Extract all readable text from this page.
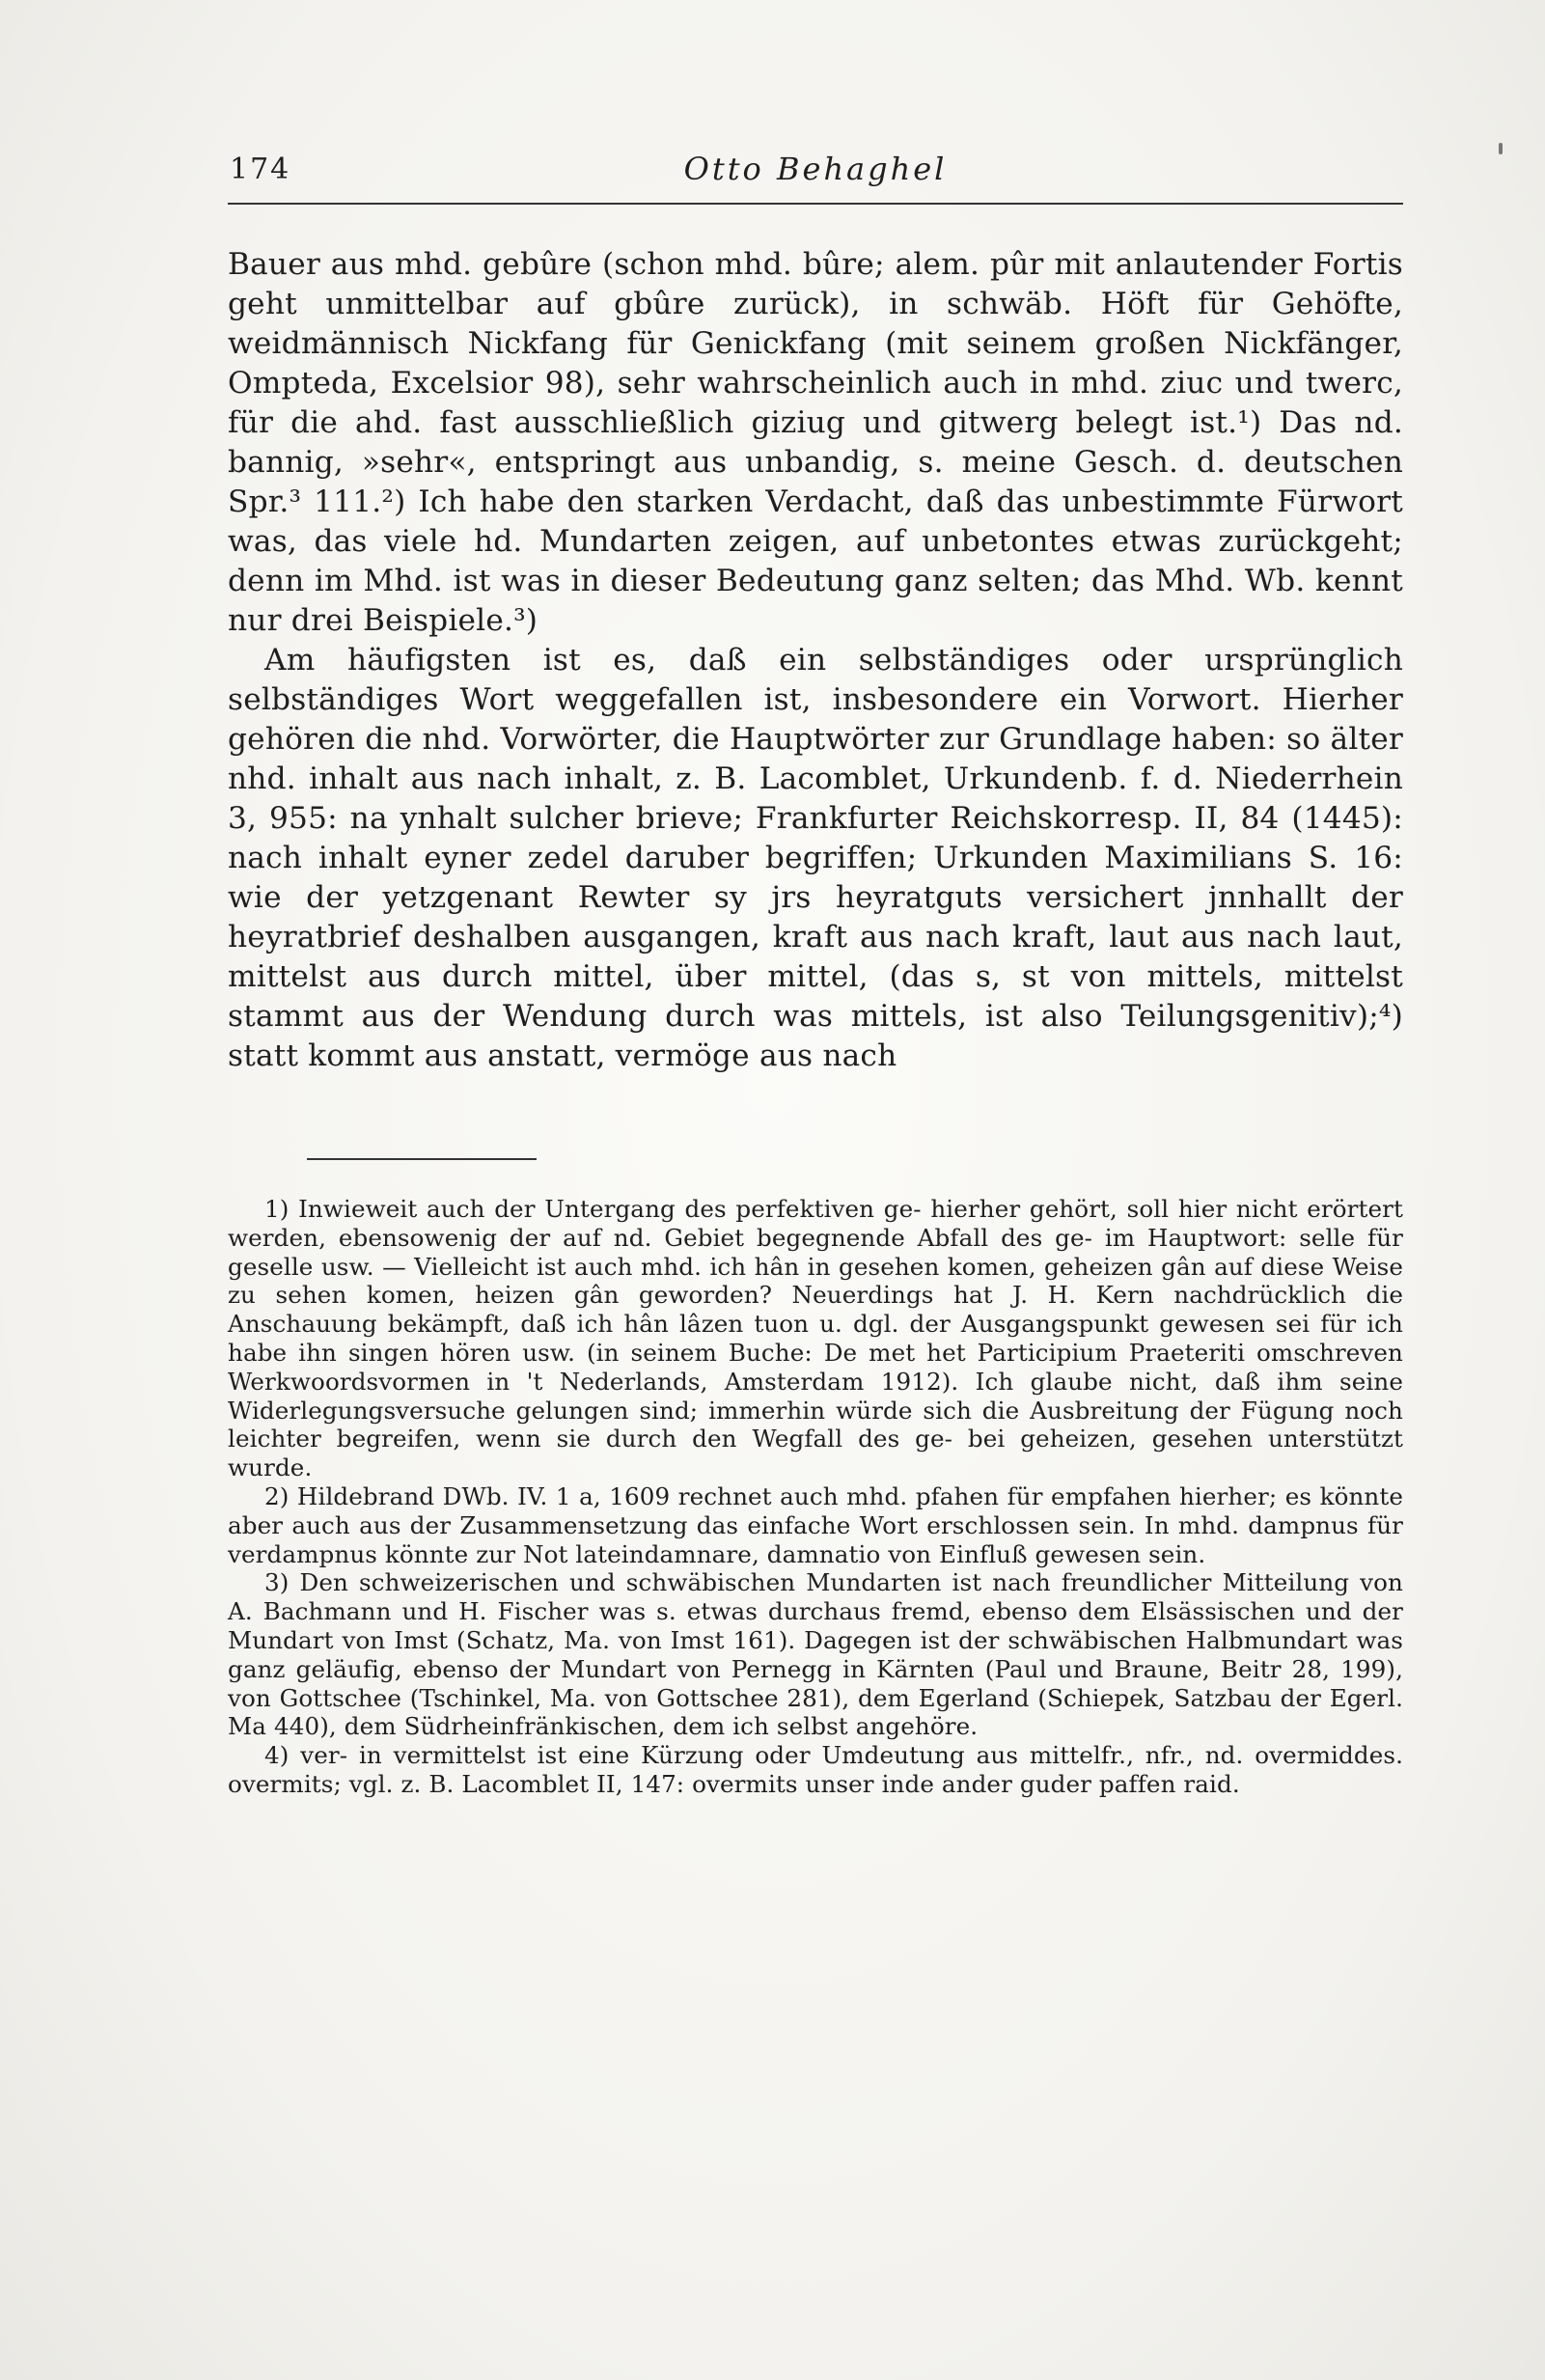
174	Otto Behaghel

Bauer aus mhd. gebûre (schon mhd. bûre; alem. pûr mit anlautender Fortis geht unmittelbar auf gbûre zurück), in schwäb. Höft für Gehöfte, weidmännisch Nickfang für Genickfang (mit seinem großen Nickfänger, Ompteda, Excelsior 98), sehr wahrscheinlich auch in mhd. ziuc und twerc, für die ahd. fast ausschließlich giziug und gitwerg belegt ist.¹) Das nd. bannig, »sehr«, entspringt aus unbandig, s. meine Gesch. d. deutschen Spr.³ 111.²) Ich habe den starken Verdacht, daß das unbestimmte Fürwort was, das viele hd. Mundarten zeigen, auf unbetontes etwas zurückgeht; denn im Mhd. ist was in dieser Bedeutung ganz selten; das Mhd. Wb. kennt nur drei Beispiele.³)

Am häufigsten ist es, daß ein selbständiges oder ursprünglich selbständiges Wort weggefallen ist, insbesondere ein Vorwort. Hierher gehören die nhd. Vorwörter, die Hauptwörter zur Grundlage haben: so älter nhd. inhalt aus nach inhalt, z. B. Lacomblet, Urkundenb. f. d. Niederrhein 3, 955: na ynhalt sulcher brieve; Frankfurter Reichskorresp. II, 84 (1445): nach inhalt eyner zedel daruber begriffen; Urkunden Maximilians S. 16: wie der yetzgenant Rewter sy jrs heyratguts versichert jnnhallt der heyratbrief deshalben ausgangen, kraft aus nach kraft, laut aus nach laut, mittelst aus durch mittel, über mittel, (das s, st von mittels, mittelst stammt aus der Wendung durch was mittels, ist also Teilungsgenitiv);⁴) statt kommt aus anstatt, vermöge aus nach

1) Inwieweit auch der Untergang des perfektiven ge- hierher gehört, soll hier nicht erörtert werden, ebensowenig der auf nd. Gebiet begegnende Abfall des ge- im Hauptwort: selle für geselle usw. — Vielleicht ist auch mhd. ich hân in gesehen komen, geheizen gân auf diese Weise zu sehen komen, heizen gân geworden? Neuerdings hat J. H. Kern nachdrücklich die Anschauung bekämpft, daß ich hân lâzen tuon u. dgl. der Ausgangspunkt gewesen sei für ich habe ihn singen hören usw. (in seinem Buche: De met het Participium Praeteriti omschreven Werkwoordsvormen in 't Nederlands, Amsterdam 1912). Ich glaube nicht, daß ihm seine Widerlegungsversuche gelungen sind; immerhin würde sich die Ausbreitung der Fügung noch leichter begreifen, wenn sie durch den Wegfall des ge- bei geheizen, gesehen unterstützt wurde.

2) Hildebrand DWb. IV. 1 a, 1609 rechnet auch mhd. pfahen für empfahen hierher; es könnte aber auch aus der Zusammensetzung das einfache Wort erschlossen sein. In mhd. dampnus für verdampnus könnte zur Not lateindamnare, damnatio von Einfluß gewesen sein.

3) Den schweizerischen und schwäbischen Mundarten ist nach freundlicher Mitteilung von A. Bachmann und H. Fischer was s. etwas durchaus fremd, ebenso dem Elsässischen und der Mundart von Imst (Schatz, Ma. von Imst 161). Dagegen ist der schwäbischen Halbmundart was ganz geläufig, ebenso der Mundart von Pernegg in Kärnten (Paul und Braune, Beitr 28, 199), von Gottschee (Tschinkel, Ma. von Gottschee 281), dem Egerland (Schiepek, Satzbau der Egerl. Ma 440), dem Südrheinfränkischen, dem ich selbst angehöre.

4) ver- in vermittelst ist eine Kürzung oder Umdeutung aus mittelfr., nfr., nd. overmiddes. overmits; vgl. z. B. Lacomblet II, 147: overmits unser inde ander guder paffen raid.
